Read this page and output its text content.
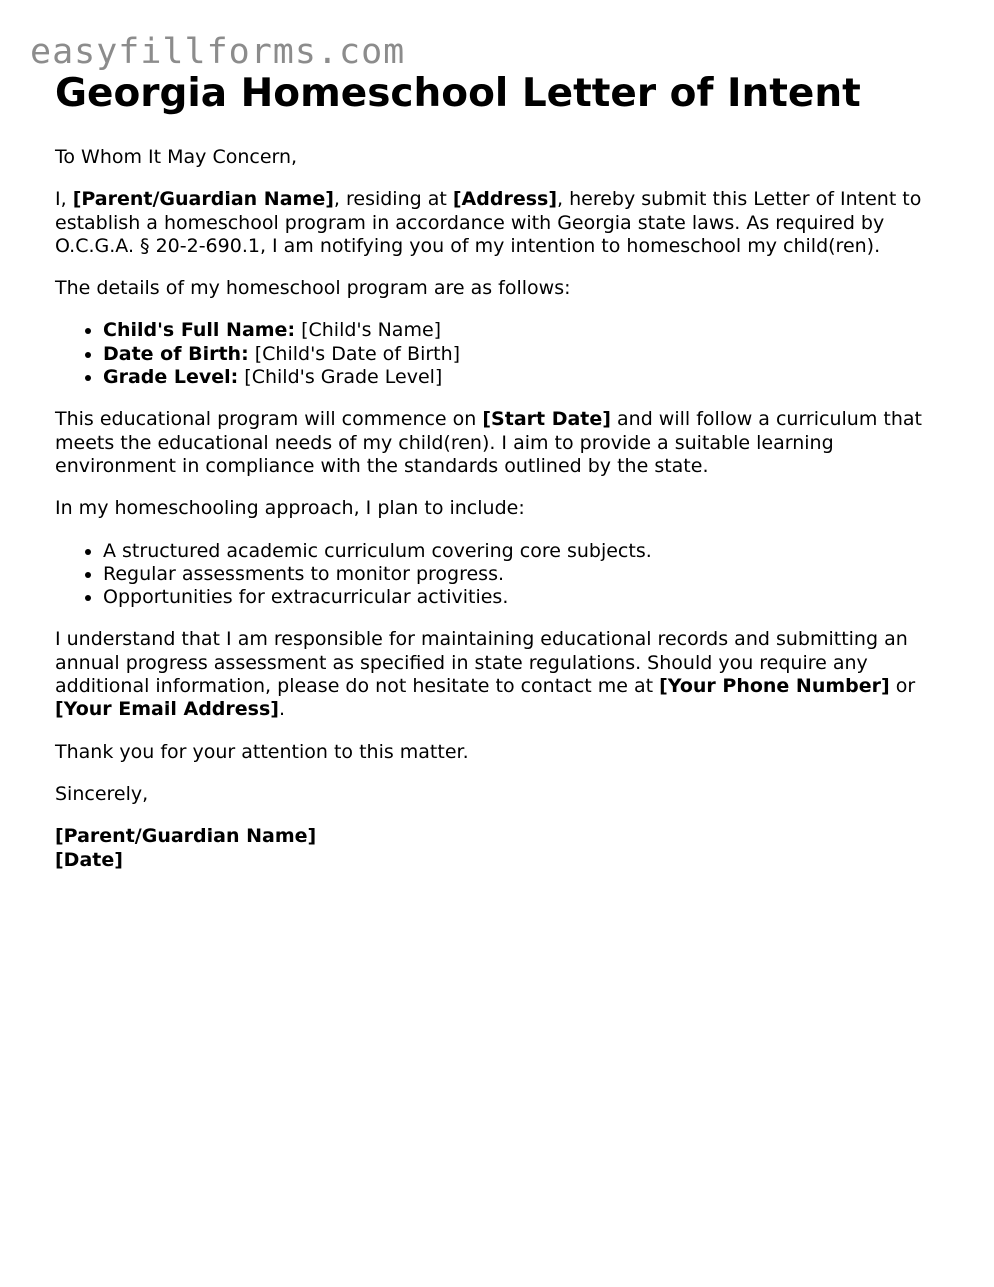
easyfillforms.com
Georgia Homeschool Letter of Intent

To Whom It May Concern,

I, [Parent/Guardian Name], residing at [Address], hereby submit this Letter of Intent to establish a homeschool program in accordance with Georgia state laws. As required by O.C.G.A. § 20-2-690.1, I am notifying you of my intention to homeschool my child(ren).

The details of my homeschool program are as follows:

• Child's Full Name: [Child's Name]
• Date of Birth: [Child's Date of Birth]
• Grade Level: [Child's Grade Level]

This educational program will commence on [Start Date] and will follow a curriculum that meets the educational needs of my child(ren). I aim to provide a suitable learning environment in compliance with the standards outlined by the state.

In my homeschooling approach, I plan to include:

• A structured academic curriculum covering core subjects.
• Regular assessments to monitor progress.
• Opportunities for extracurricular activities.

I understand that I am responsible for maintaining educational records and submitting an annual progress assessment as specified in state regulations. Should you require any additional information, please do not hesitate to contact me at [Your Phone Number] or [Your Email Address].

Thank you for your attention to this matter.

Sincerely,

[Parent/Guardian Name]

[Date]
